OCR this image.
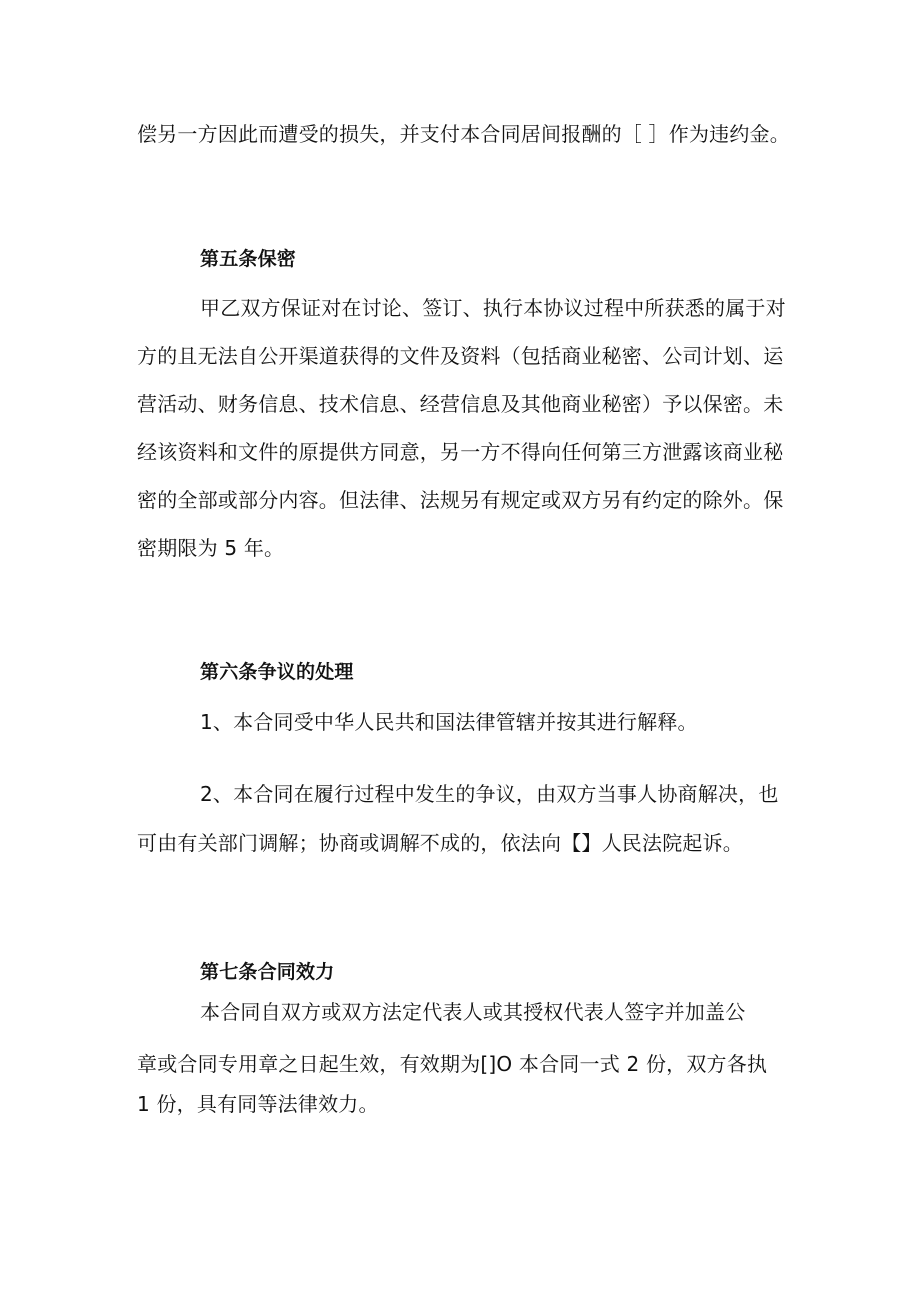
偿另一方因此而遭受的损失，并支付本合同居间报酬的［ ］作为违约金。
第五条保密
甲乙双方保证对在讨论、签订、执行本协议过程中所获悉的属于对
方的且无法自公开渠道获得的文件及资料（包括商业秘密、公司计划、运
营活动、财务信息、技术信息、经营信息及其他商业秘密）予以保密。未
经该资料和文件的原提供方同意，另一方不得向任何第三方泄露该商业秘
密的全部或部分内容。但法律、法规另有规定或双方另有约定的除外。保
密期限为 5 年。
第六条争议的处理
1、本合同受中华人民共和国法律管辖并按其进行解释。
2、本合同在履行过程中发生的争议，由双方当事人协商解决，也
可由有关部门调解；协商或调解不成的，依法向【】人民法院起诉。
第七条合同效力
本合同自双方或双方法定代表人或其授权代表人签字并加盖公
章或合同专用章之日起生效，有效期为[]O 本合同一式 2 份，双方各执
1 份，具有同等法律效力。
